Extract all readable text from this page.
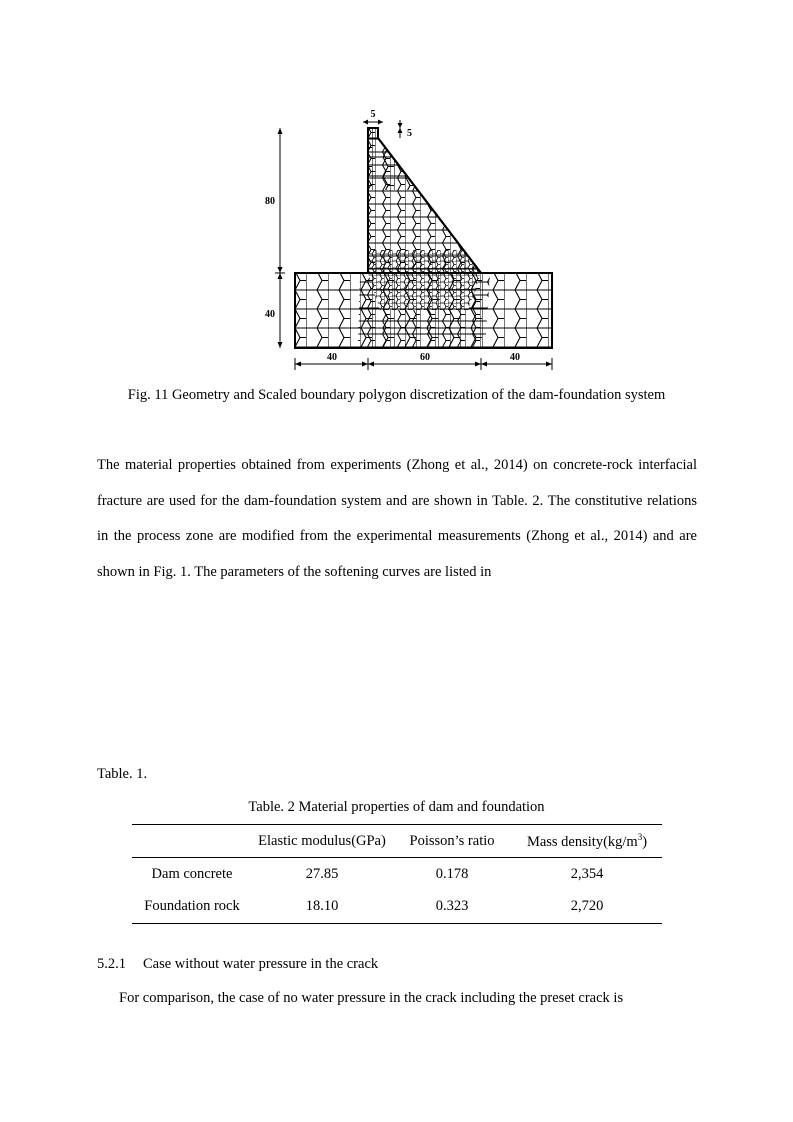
5
5
80
40
40	60	40
Fig. 11 Geometry and Scaled boundary polygon discretization of the dam-foundation system

The material properties obtained from experiments (Zhong et al., 2014) on concrete-rock interfacial fracture are used for the dam-foundation system and are shown in Table. 2. The constitutive relations in the process zone are modified from the experimental measurements (Zhong et al., 2014) and are shown in Fig. 1. The parameters of the softening curves are listed in

Table. 1.
Table. 2 Material properties of dam and foundation
	Elastic modulus(GPa)	Poisson’s ratio	Mass $density(kg/m^3)$
Dam concrete	27.85	0.178	2,354
Foundation rock	18.10	0.323	2,720
5.2.1 Case without water pressure in the crack

For comparison, the case of no water pressure in the crack including the preset crack is
